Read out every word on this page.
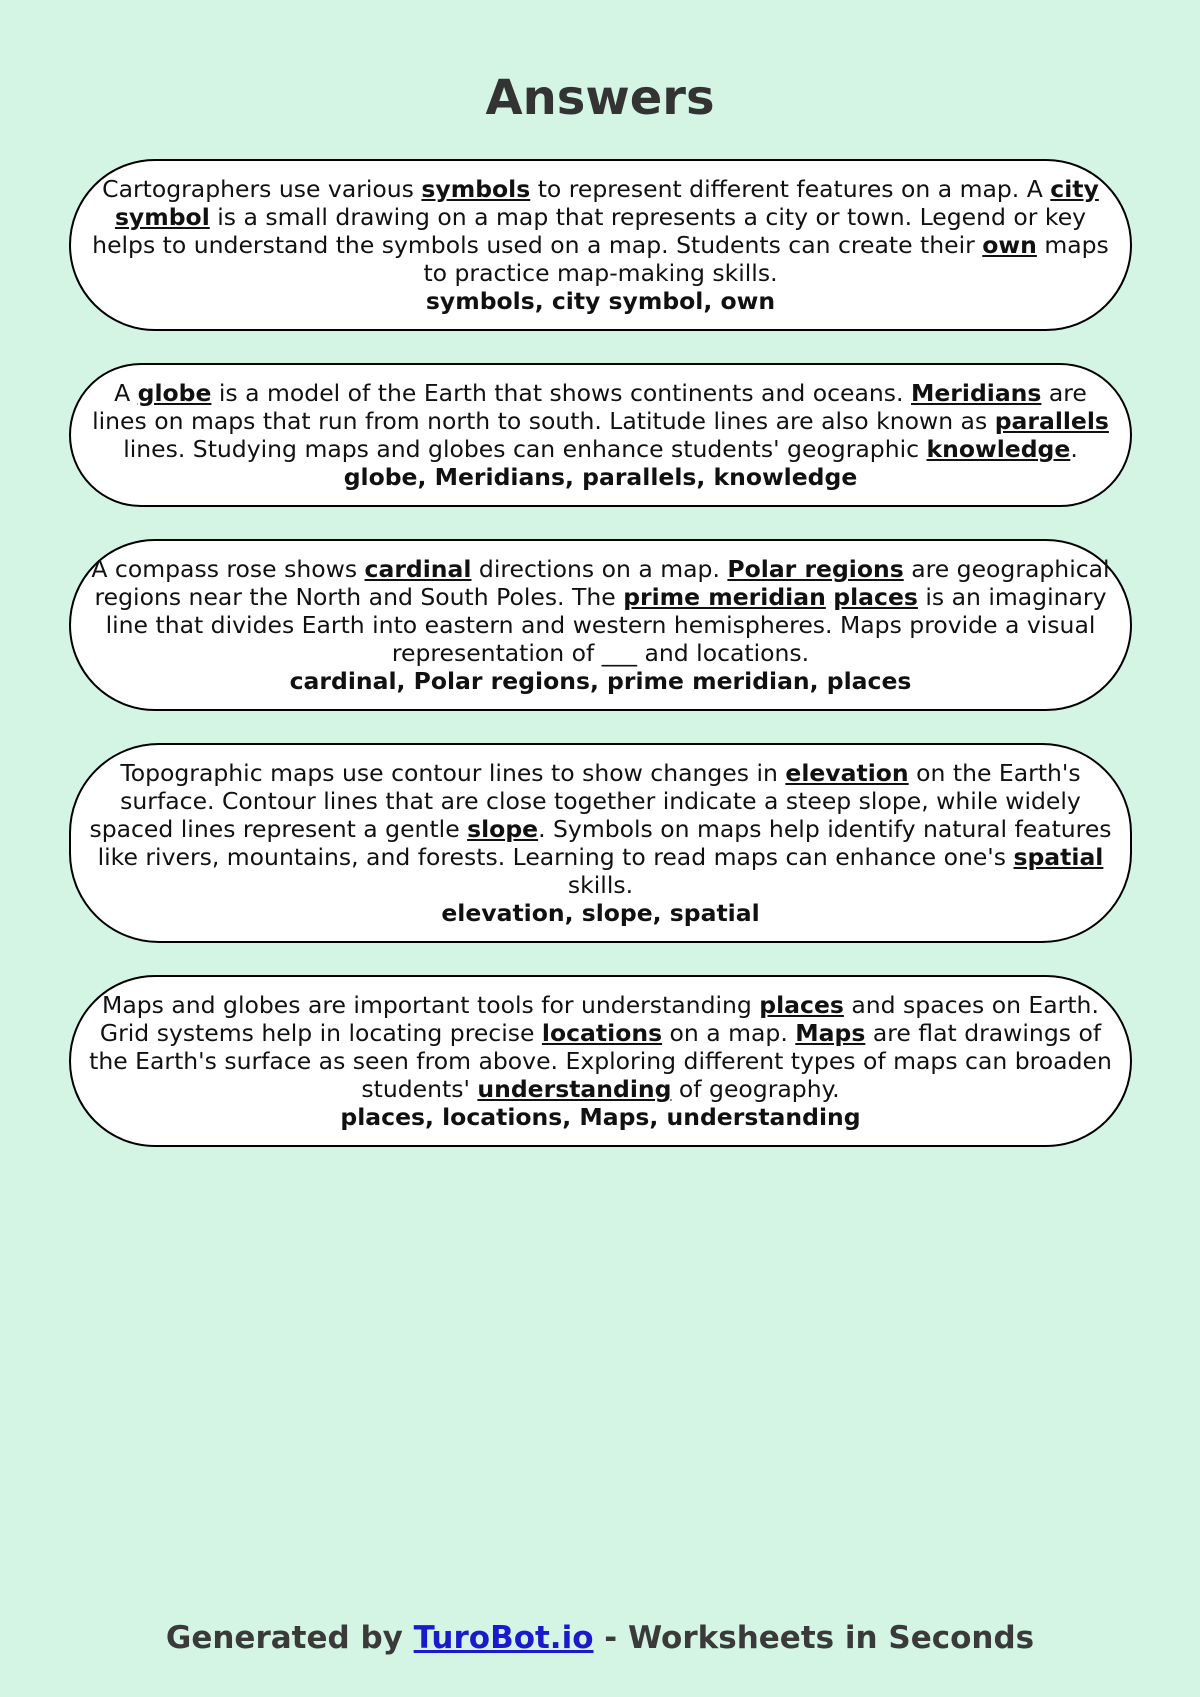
Answers

Cartographers use various symbols to represent different features on a map. A city symbol is a small drawing on a map that represents a city or town. Legend or key helps to understand the symbols used on a map. Students can create their own maps to practice map-making skills.

symbols, city symbol, own

A globe is a model of the Earth that shows continents and oceans. Meridians are lines on maps that run from north to south. Latitude lines are also known as parallels lines. Studying maps and globes can enhance students' geographic knowledge.

globe, Meridians, parallels, knowledge

A compass rose shows cardinal directions on a map. Polar regions are geographical regions near the North and South Poles. The prime meridian places is an imaginary line that divides Earth into eastern and western hemispheres. Maps provide a visual representation of ___ and locations.

cardinal, Polar regions, prime meridian, places

Topographic maps use contour lines to show changes in elevation on the Earth's surface. Contour lines that are close together indicate a steep slope, while widely spaced lines represent a gentle slope. Symbols on maps help identify natural features like rivers, mountains, and forests. Learning to read maps can enhance one's spatial skills.

elevation, slope, spatial

Maps and globes are important tools for understanding places and spaces on Earth. Grid systems help in locating precise locations on a map. Maps are flat drawings of the Earth's surface as seen from above. Exploring different types of maps can broaden students' understanding of geography.

places, locations, Maps, understanding

Generated by TuroBot.io - Worksheets in Seconds
